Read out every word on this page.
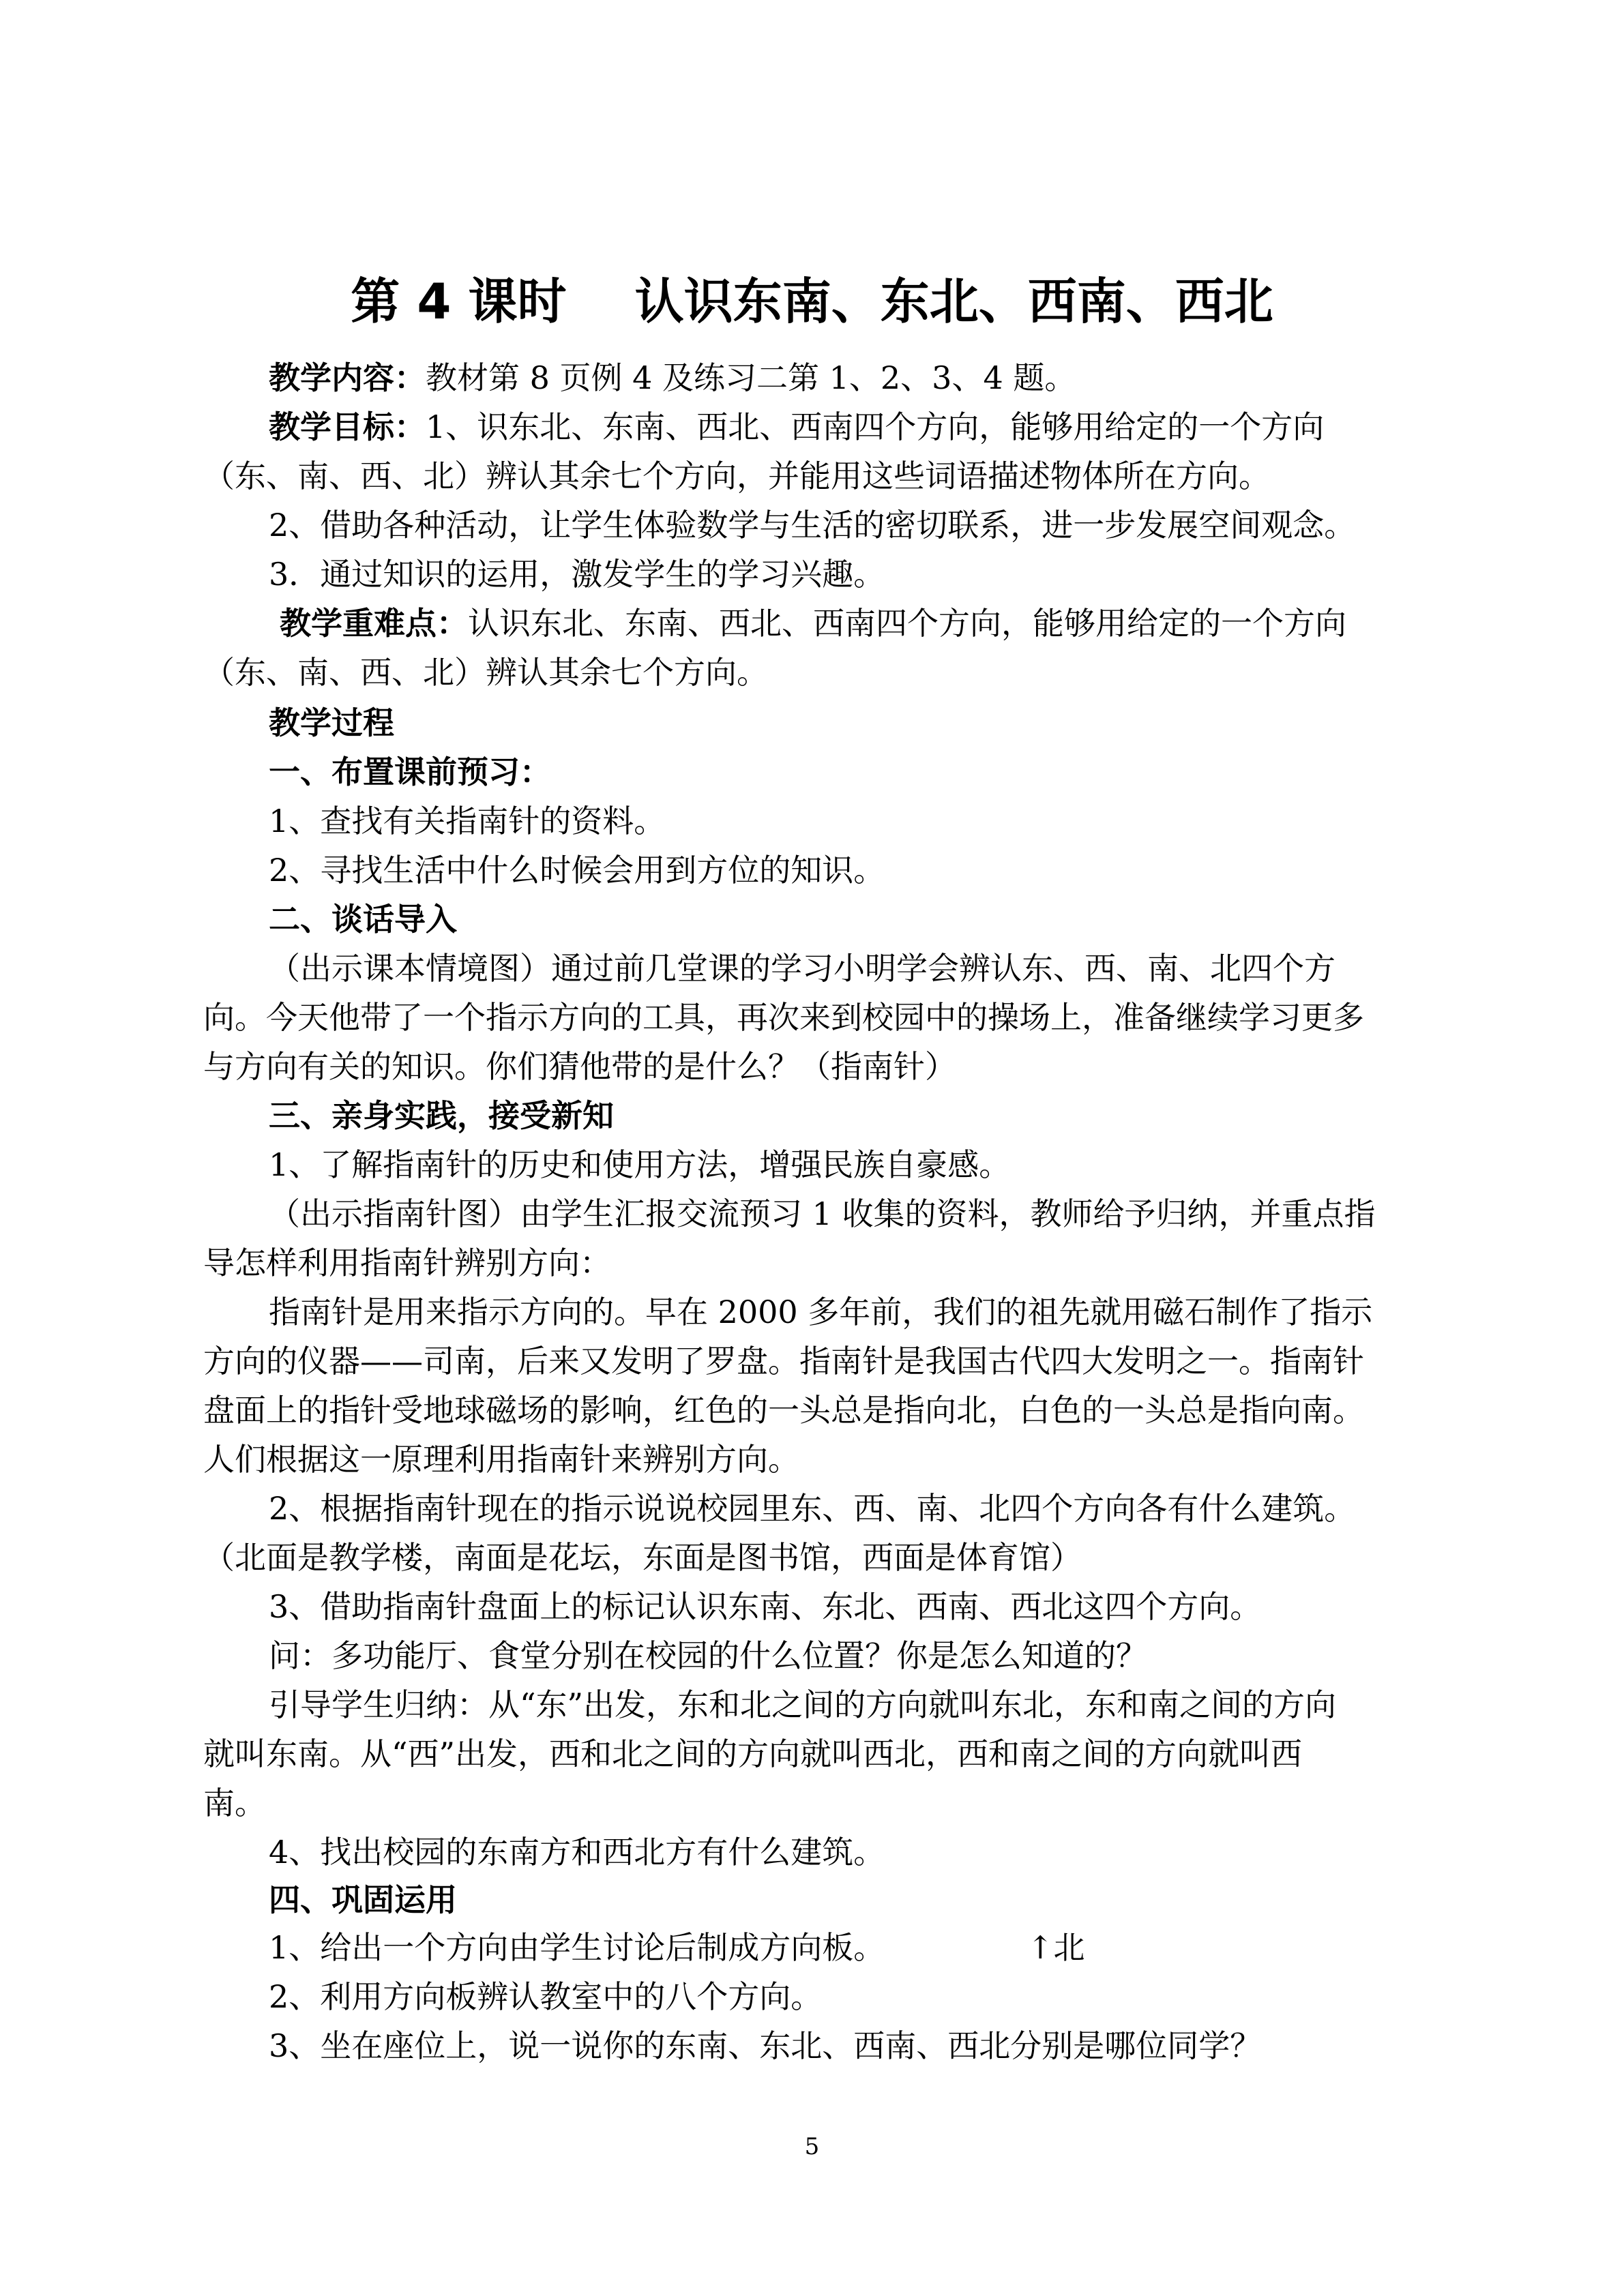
第 4 课时    认识东南、东北、西南、西北
教学内容：教材第 8 页例 4 及练习二第 1、2、3、4 题。
教学目标：1、识东北、东南、西北、西南四个方向，能够用给定的一个方向
（东、南、西、北）辨认其余七个方向，并能用这些词语描述物体所在方向。
2、借助各种活动，让学生体验数学与生活的密切联系，进一步发展空间观念。
3．通过知识的运用，激发学生的学习兴趣。
教学重难点：认识东北、东南、西北、西南四个方向，能够用给定的一个方向
（东、南、西、北）辨认其余七个方向。
教学过程
一、布置课前预习：
1、查找有关指南针的资料。
2、寻找生活中什么时候会用到方位的知识。
二、谈话导入
（出示课本情境图）通过前几堂课的学习小明学会辨认东、西、南、北四个方
向。今天他带了一个指示方向的工具，再次来到校园中的操场上，准备继续学习更多
与方向有关的知识。你们猜他带的是什么？（指南针）
三、亲身实践，接受新知
1、了解指南针的历史和使用方法，增强民族自豪感。
（出示指南针图）由学生汇报交流预习 1 收集的资料，教师给予归纳，并重点指
导怎样利用指南针辨别方向：
指南针是用来指示方向的。早在 2000 多年前，我们的祖先就用磁石制作了指示
方向的仪器——司南，后来又发明了罗盘。指南针是我国古代四大发明之一。指南针
盘面上的指针受地球磁场的影响，红色的一头总是指向北，白色的一头总是指向南。
人们根据这一原理利用指南针来辨别方向。
2、根据指南针现在的指示说说校园里东、西、南、北四个方向各有什么建筑。
（北面是教学楼，南面是花坛，东面是图书馆，西面是体育馆）
3、借助指南针盘面上的标记认识东南、东北、西南、西北这四个方向。
问：多功能厅、食堂分别在校园的什么位置？你是怎么知道的？
引导学生归纳：从“东”出发，东和北之间的方向就叫东北，东和南之间的方向
就叫东南。从“西”出发，西和北之间的方向就叫西北，西和南之间的方向就叫西
南。
4、找出校园的东南方和西北方有什么建筑。
四、巩固运用
1、给出一个方向由学生讨论后制成方向板。	↑北
2、利用方向板辨认教室中的八个方向。
3、坐在座位上，说一说你的东南、东北、西南、西北分别是哪位同学？
5
